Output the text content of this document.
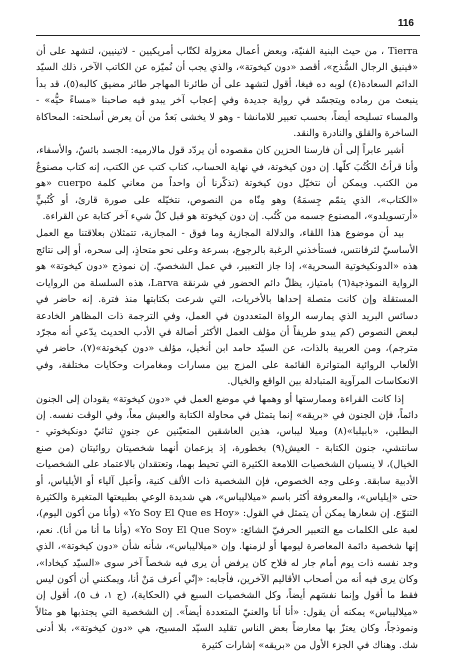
116

Tierra ، من حيث البنية الفنيّة، وبعض أعمال معزولة لكتّاب أمريكيين - لاتينيين، لتشهد على أن «فينيق الرجال السُّذج»، أقصد «دون كيخوتة»، والذي يجب أن نُميّزه عن الكاتب الآخر، ذلك السيّد الدائم السعادة(٤) لوبه ده فيغا، أقول لتشهد على أن طائرنا المهاجر طائر مضيق كالبه(٥)، قد بدأ ينبعث من رماده ويتجسّد في رواية جديدة وفي إعجاب آخر يبدو فيه صاحبنا «مساءً حيُّه» - والمساء تسليحه أيضاً، بحسب تعبير للامانشا - وهو لا يخشى بَعدُ من أن يعرض أسلحته: المحاكاة الساخرة والقلق والنادرة والنقد.

أشير عابراً إلى أن فارسنا الحزين كان مقصوده أن يردّد قول مالارميه: الجسد بائسٌ، والأسفاء، وأنا قرأتُ الكُتُبَ كلّها. إن دون كيخوتة، في نهاية الحساب، كتاب كتب عن الكتب، إنه كتاب مصنوعٌ من الكتب. ويمكن أن نتخيّل دون كيخوتة (تذكّرنا أن واحداً من معاني كلمة cuerpo «هو «الكتاب»، الذي يتمّم جِسمَهُ) وهو مِنّاه من النصوص، نتخيّله على صورة قارئ، أو كُتُبيٍّ «أرتسويلدو»، المصنوع جسمه من كُتُب. إن دون كيخوتة هو قبل كلّ شيء آخر كتابة عن القراءة.

بيد أن موضوع هذا اللقاء، والدلالة المجازية وما فوق - المجازية، تتمثلان بعلاقتنا مع العمل الأساسيّ لثرفانتس، فستأخذني الرغبة بالرجوع، بسرعة وعلى نحو متحاذٍ، إلى سحره، أو إلى نتائج هذه «الدونكيخوتية السحرية»، إذا جاز التعبير، في عمل الشخصيّ. إن نموذج «دون كيخوتة» هو الرواية النموذجية(٦) بامتياز، يظلّ دائم الحضور في شرنقة Larva، هذه السلسلة من الروايات المستقلة وإن كانت متصلة إحداها بالأخريات، التي شرعت بكتابتها منذ فترة. إنه حاضر في دسائس البريد الذي يمارسه الرواة المتعددون في العمل، وفي الترجمة ذات المظاهر الخادعة لبعض النصوص (كم يبدو طريفاً أن مؤلف العمل الأكثر أصالة في الأدب الحديث يدّعي أنه مجرّد مترجم)، ومن العربية بالذات، عن السيّد حامد ابن أنخيل، مؤلف «دون كيخوتة»(٧)، حاضر في الألعاب الروائية المتواترة القائمة على المزج بين مسارات ومغامرات وحكايات مختلفة، وفي الانعكاسات المرآوية المتبادلة بين الواقع والخيال.

إذا كانت القراءة وممارستها أو وهمها في موضع العمل في «دون كيخوتة» يقودان إلى الجنون دائماً، فإن الجنون في «بريقه» إنما يتمثل في محاولة الكتابة والعيش معاً، وفي الوقت نفسه. إن البطلين، «بابيلبا»(٨) وميلا ليباس، هذين العاشقين المتعيّنين عن جنونٍ ثنائيّ دونكيخوتي - سانتشي، جنون الكتابة - العيش(٩) بخطورة، إذ يزعمان أنهما شخصيتان روائيتان (من صنع الخيال)، لا ينسيان الشخصيات اللامعة الكثيرة التي تحيط بهما، وتعتقدان بالاعتماد على الشخصيات الأدبية سابقة. وعلى وجه الخصوص، فإن الشخصية ذات الألف كنية، وأعيل آلياء أو الأيلياس، أو حتى «إيلياس»، والمعروفة أكثر باسم «ميلاليباس»، هي شديدة الوعي بطبيعتها المتغيرة والكثيرة التنوّع. إن شعارها يمكن أن يتمثل في القول: «Yo Soy El Que es Hoy» (وأنا من أكون اليوم)، لعبة على الكلمات مع التعبير الحرفيّ الشائع: «Yo Soy El Que Soy» (وأنا ما أنا من أنا). نعم، إنها شخصية دائمة المعاصرة ليومها أو لزمنها. وإن «ميلاليباس»، شأنه شأن «دون كيخوتة»، الذي وجد نفسه ذات يوم أمام جار له فلاح كان يرفض أن يرى فيه شخصاً آخر سوى «السيّد كيخادا»، وكان يرى فيه أنه من أصحاب الأقاليم الآخرين، فأجابه: «إنّي أعرف مَنْ أنا، ويمكنني أن أكون ليس فقط ما أقول وإنما نفسَهم أيضاً، وكل الشخصيات السبع في (الحكاية)، (ج ١، ف ٥)، أقول إن «ميلاليباس» يمكنه أن يقول: «أنا أنا والعنيّ المتعددة أيضاً». إن الشخصية التي يجتذبها هو مثالاً ونموذجاً، وكان يعتزّ بها معارضاً بعض الناس تقليد السيّد المسيح، هي «دون كيخوتة»، بلا أدنى شك. وهناك في الجزء الأول من «بريقه» إشارات كثيرة
